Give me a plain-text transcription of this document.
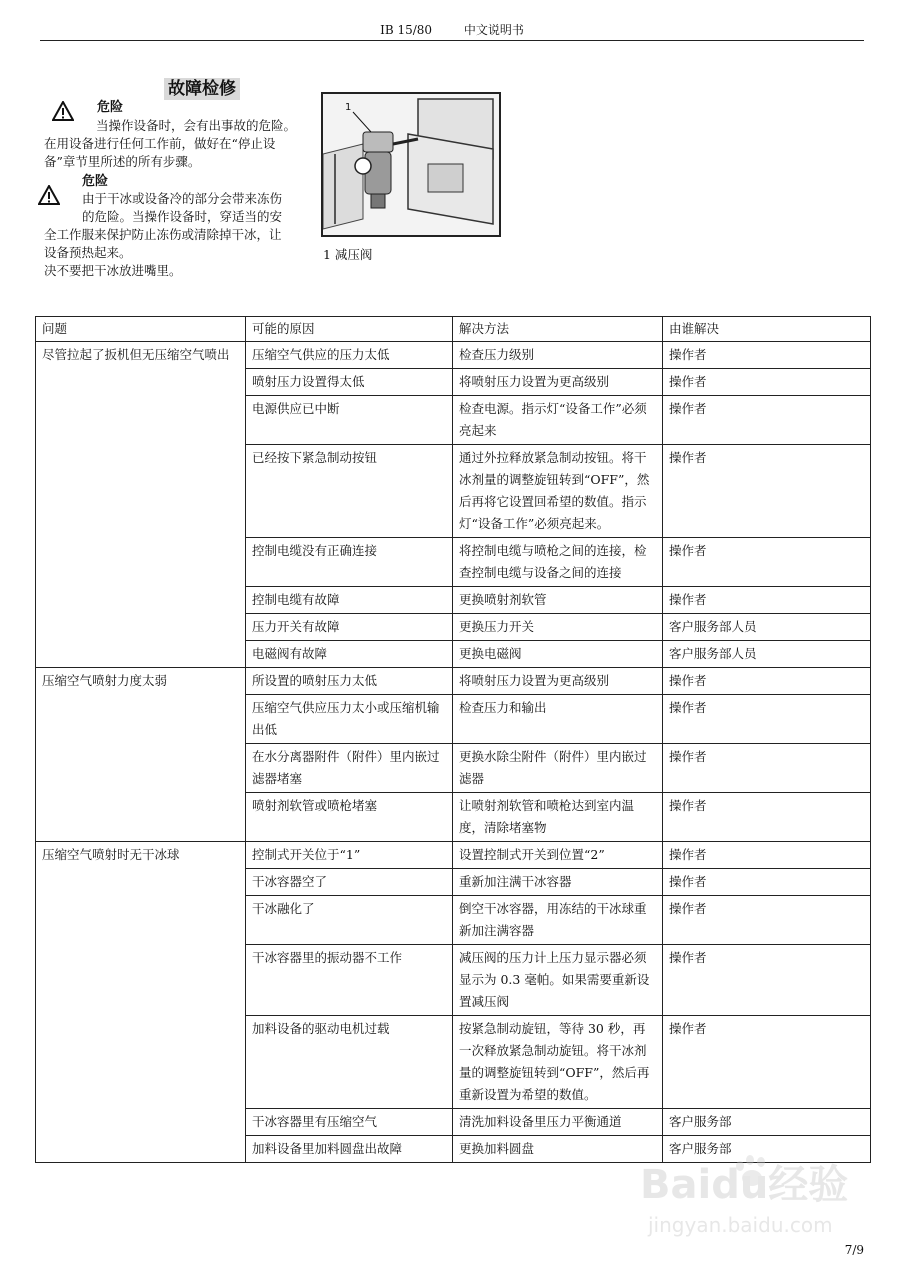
IB 15/80	中文说明书
故障检修
危险
当操作设备时，会有出事故的危险。
在用设备进行任何工作前，做好在“停止设
备”章节里所述的所有步骤。
危险
由于干冰或设备冷的部分会带来冻伤
的危险。当操作设备时，穿适当的安
全工作服来保护防止冻伤或清除掉干冰，让
设备预热起来。
决不要把干冰放进嘴里。
1
1 减压阀
问题	可能的原因	解决方法	由谁解决
尽管拉起了扳机但无压缩空气喷出	压缩空气供应的压力太低	检查压力级别	操作者
	喷射压力设置得太低	将喷射压力设置为更高级别	操作者
	电源供应已中断	检查电源。指示灯“设备工作”必须亮起来	操作者
	已经按下紧急制动按钮	通过外拉释放紧急制动按钮。将干冰剂量的调整旋钮转到“OFF”，然后再将它设置回希望的数值。指示灯“设备工作”必须亮起来。	操作者
	控制电缆没有正确连接	将控制电缆与喷枪之间的连接，检查控制电缆与设备之间的连接	操作者
	控制电缆有故障	更换喷射剂软管	操作者
	压力开关有故障	更换压力开关	客户服务部人员
	电磁阀有故障	更换电磁阀	客户服务部人员
压缩空气喷射力度太弱	所设置的喷射压力太低	将喷射压力设置为更高级别	操作者
	压缩空气供应压力太小或压缩机输出低	检查压力和输出	操作者
	在水分离器附件（附件）里内嵌过滤器堵塞	更换水除尘附件（附件）里内嵌过滤器	操作者
	喷射剂软管或喷枪堵塞	让喷射剂软管和喷枪达到室内温度，清除堵塞物	操作者
压缩空气喷射时无干冰球	控制式开关位于“1”	设置控制式开关到位置“2”	操作者
	干冰容器空了	重新加注满干冰容器	操作者
	干冰融化了	倒空干冰容器，用冻结的干冰球重新加注满容器	操作者
	干冰容器里的振动器不工作	减压阀的压力计上压力显示器必须显示为 0.3 毫帕。如果需要重新设置减压阀	操作者
	加料设备的驱动电机过载	按紧急制动旋钮，等待 30 秒，再一次释放紧急制动旋钮。将干冰剂量的调整旋钮转到“OFF”，然后再重新设置为希望的数值。	操作者
	干冰容器里有压缩空气	清洗加料设备里压力平衡通道	客户服务部
	加料设备里加料圆盘出故障	更换加料圆盘	客户服务部
7/9
Baidu经验
jingyan.baidu.com
